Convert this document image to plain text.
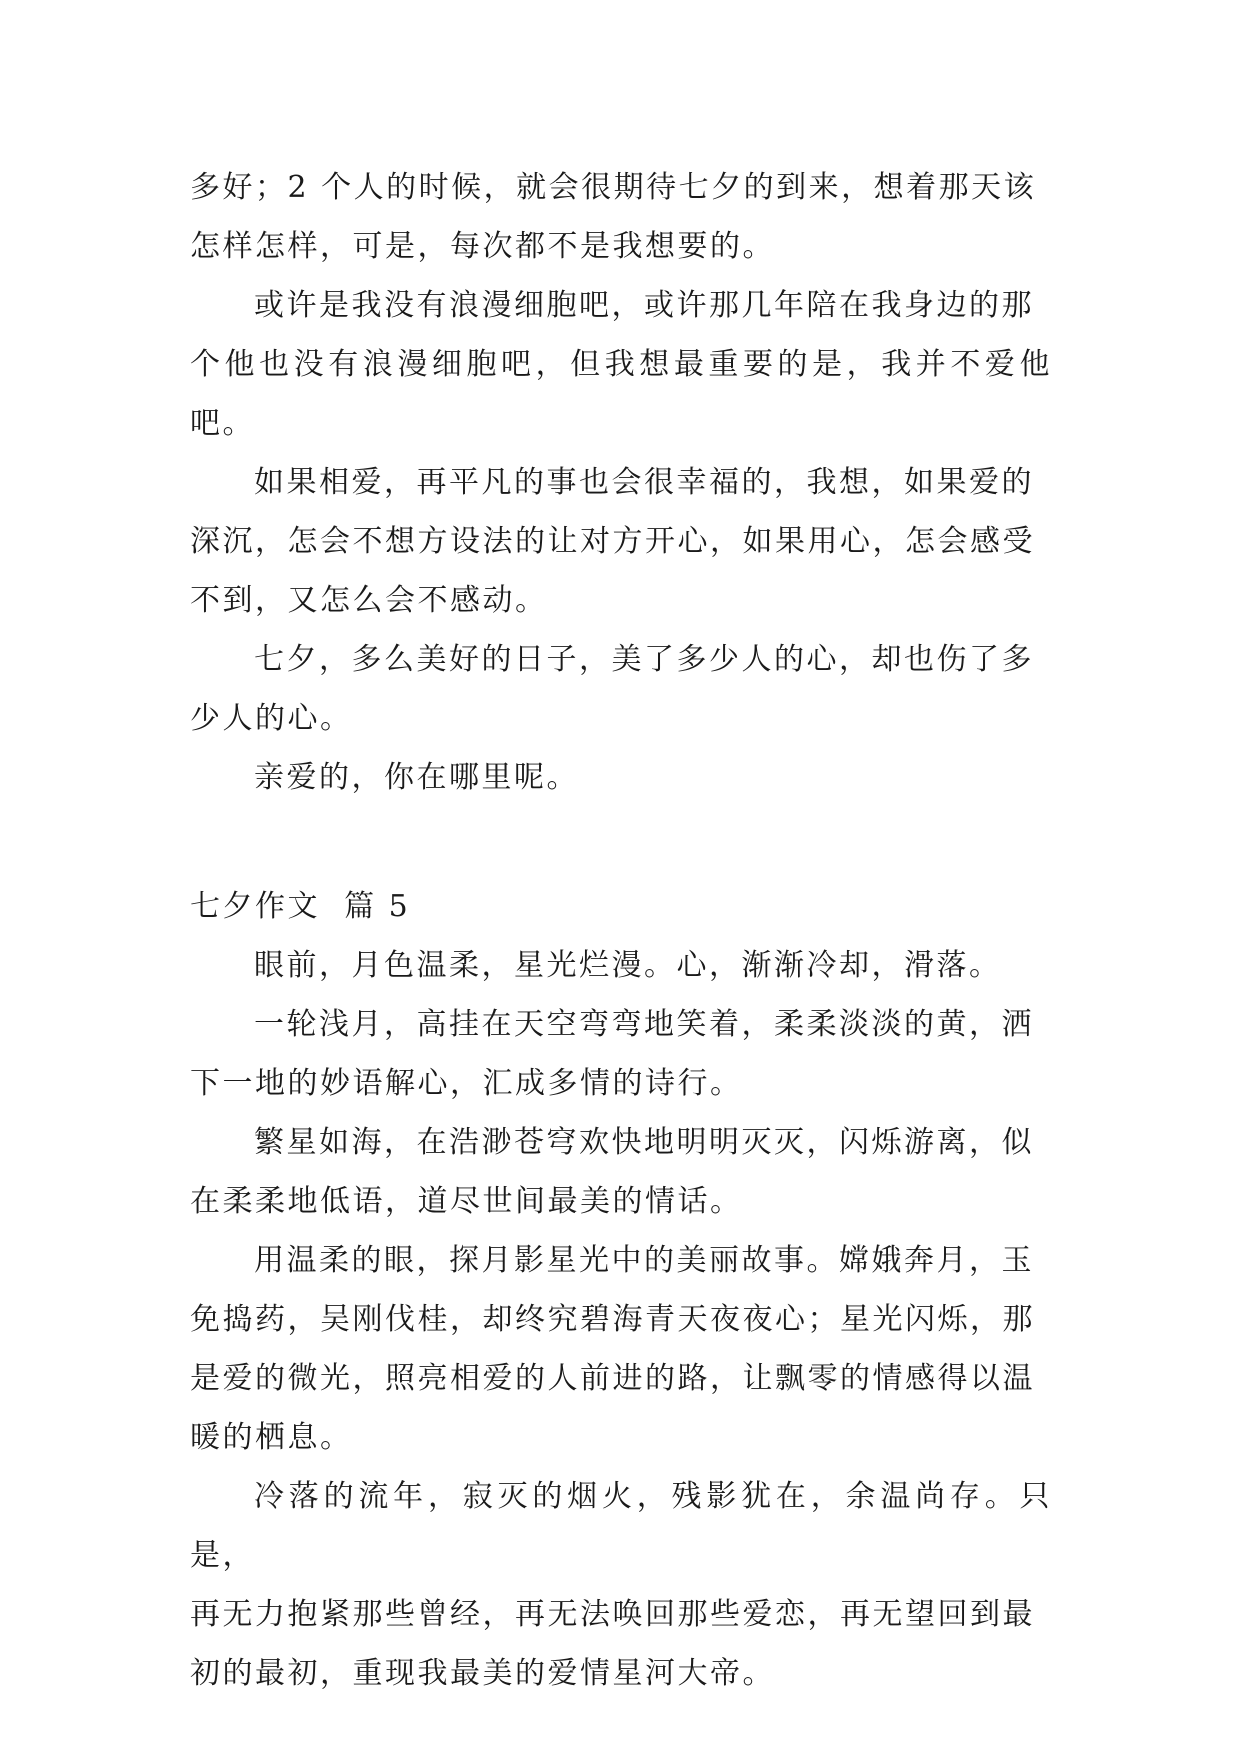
多好；2 个人的时候，就会很期待七夕的到来，想着那天该
怎样怎样，可是，每次都不是我想要的。

或许是我没有浪漫细胞吧，或许那几年陪在我身边的那
个他也没有浪漫细胞吧，但我想最重要的是，我并不爱他吧。

如果相爱，再平凡的事也会很幸福的，我想，如果爱的
深沉，怎会不想方设法的让对方开心，如果用心，怎会感受
不到，又怎么会不感动。

七夕，多么美好的日子，美了多少人的心，却也伤了多
少人的心。

亲爱的，你在哪里呢。

七夕作文  篇 5

眼前，月色温柔，星光烂漫。心，渐渐冷却，滑落。

一轮浅月，高挂在天空弯弯地笑着，柔柔淡淡的黄，洒
下一地的妙语解心，汇成多情的诗行。

繁星如海，在浩渺苍穹欢快地明明灭灭，闪烁游离，似
在柔柔地低语，道尽世间最美的情话。

用温柔的眼，探月影星光中的美丽故事。嫦娥奔月，玉
免捣药，吴刚伐桂，却终究碧海青天夜夜心；星光闪烁，那
是爱的微光，照亮相爱的人前进的路，让飘零的情感得以温
暖的栖息。

冷落的流年，寂灭的烟火，残影犹在，余温尚存。只是，
再无力抱紧那些曾经，再无法唤回那些爱恋，再无望回到最
初的最初，重现我最美的爱情星河大帝。
